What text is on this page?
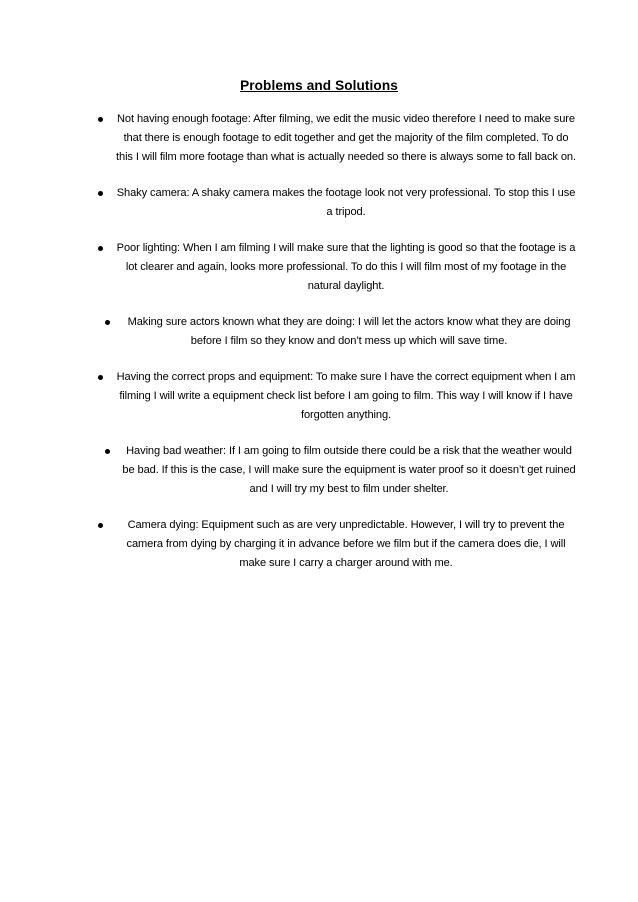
Problems and Solutions
Not having enough footage: After filming, we edit the music video therefore I need to make sure that there is enough footage to edit together and get the majority of the film completed. To do this I will film more footage than what is actually needed so there is always some to fall back on.
Shaky camera: A shaky camera makes the footage look not very professional. To stop this I use a tripod.
Poor lighting: When I am filming I will make sure that the lighting is good so that the footage is a lot clearer and again, looks more professional. To do this I will film most of my footage in the natural daylight.
Making sure actors known what they are doing: I will let the actors know what they are doing before I film so they know and don’t mess up which will save time.
Having the correct props and equipment: To make sure I have the correct equipment when I am filming I will write a equipment check list before I am going to film. This way I will know if I have forgotten anything.
Having bad weather: If I am going to film outside there could be a risk that the weather would be bad. If this is the case, I will make sure the equipment is water proof so it doesn’t get ruined and I will try my best to film under shelter.
Camera dying: Equipment such as are very unpredictable. However, I will try to prevent the camera from dying by charging it in advance before we film but if the camera does die, I will make sure I carry a charger around with me.
